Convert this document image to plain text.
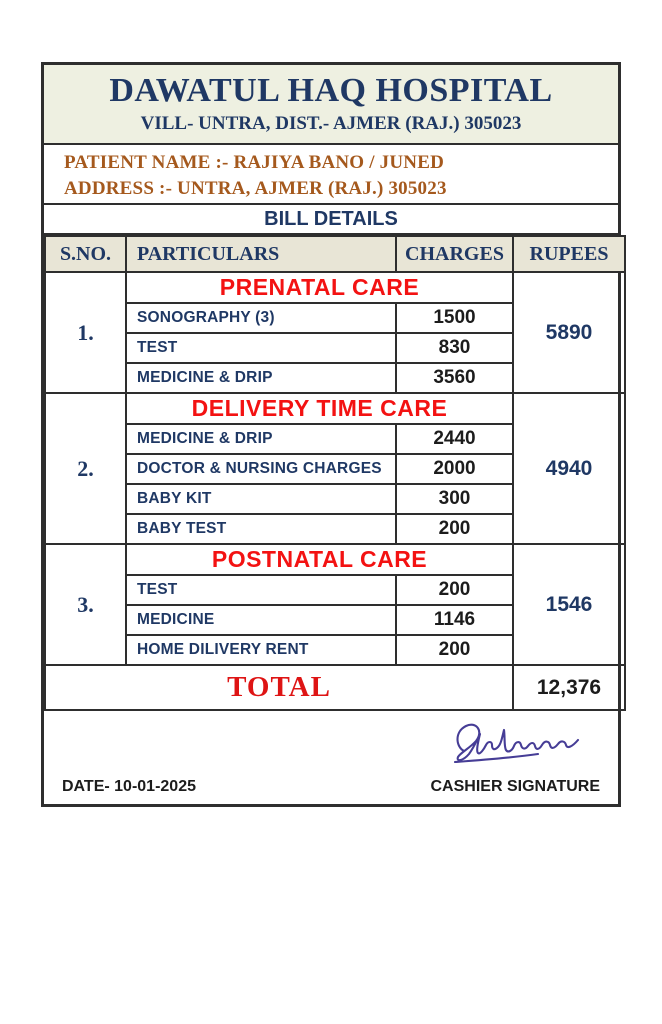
DAWATUL HAQ HOSPITAL
VILL- UNTRA, DIST.- AJMER (RAJ.) 305023
PATIENT NAME :- RAJIYA BANO / JUNED
ADDRESS :- UNTRA, AJMER (RAJ.) 305023
BILL DETAILS
S.NO.	PARTICULARS	CHARGES	RUPEES
1.	PRENATAL CARE		5890
	SONOGRAPHY (3)	1500	
	TEST	830	
	MEDICINE & DRIP	3560	
2.	DELIVERY TIME CARE		4940
	MEDICINE & DRIP	2440	
	DOCTOR & NURSING CHARGES	2000	
	BABY KIT	300	
	BABY TEST	200	
3.	POSTNATAL CARE		1546
	TEST	200	
	MEDICINE	1146	
	HOME DILIVERY RENT	200	
TOTAL			12,376
DATE- 10-01-2025	CASHIER SIGNATURE
